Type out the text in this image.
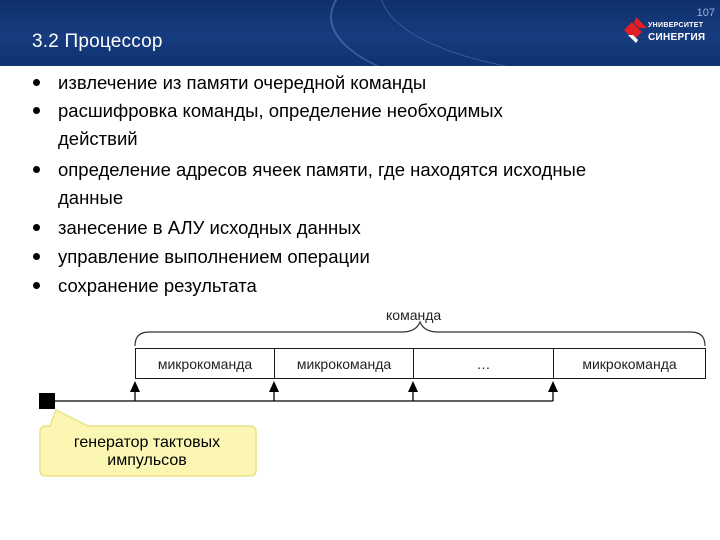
3.2 Процессор
107
УНИВЕРСИТЕТ
СИНЕРГИЯ
извлечение из памяти очередной команды
расшифровка команды, определение необходимых
действий
определение адресов ячеек памяти, где находятся исходные
данные
занесение в АЛУ исходных данных
управление выполнением операции
сохранение результата
команда
микрокоманда	микрокоманда	…	микрокоманда
генератор тактовых
импульсов
